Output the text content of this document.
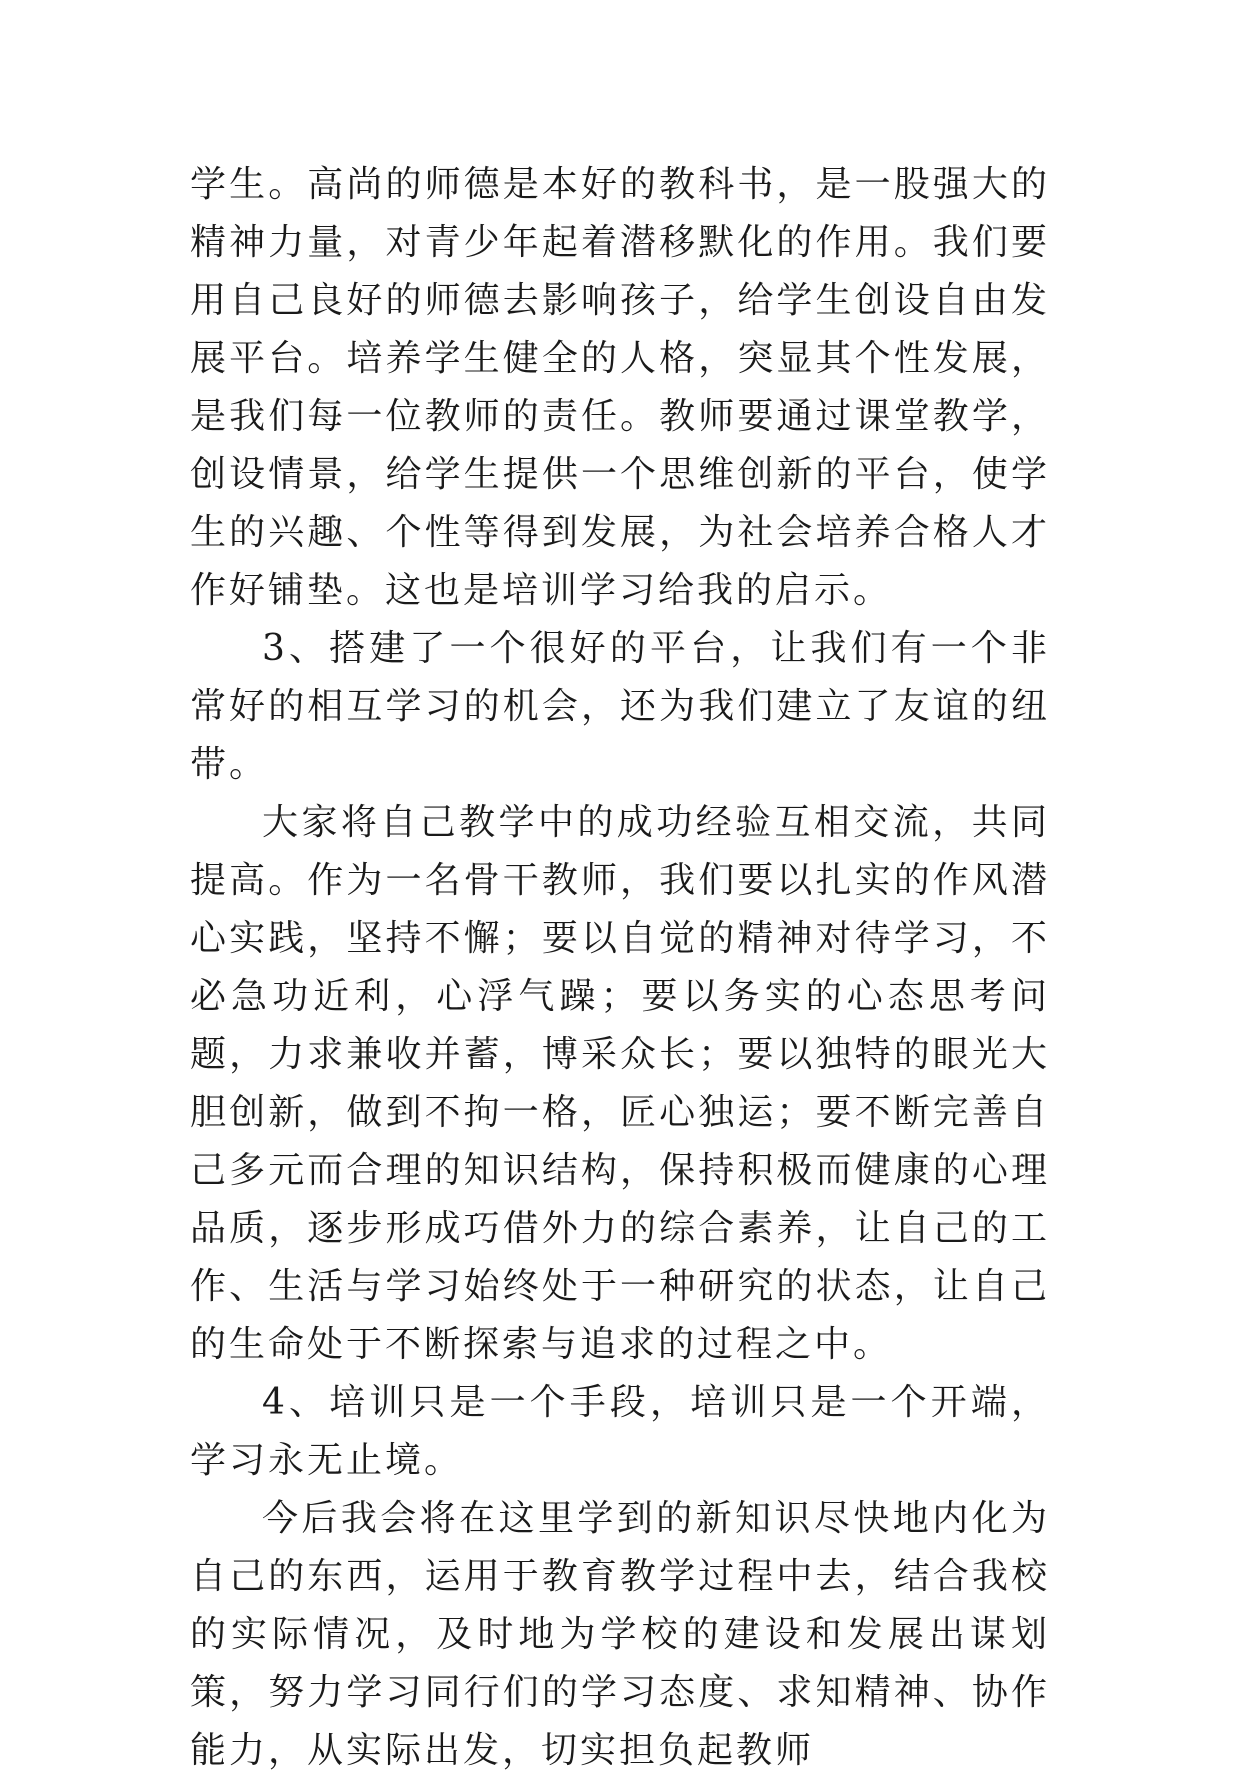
学生。高尚的师德是本好的教科书，是一股强大的精神力量，对青少年起着潜移默化的作用。我们要用自己良好的师德去影响孩子，给学生创设自由发展平台。培养学生健全的人格，突显其个性发展，是我们每一位教师的责任。教师要通过课堂教学，创设情景，给学生提供一个思维创新的平台，使学生的兴趣、个性等得到发展，为社会培养合格人才作好铺垫。这也是培训学习给我的启示。

3、搭建了一个很好的平台，让我们有一个非常好的相互学习的机会，还为我们建立了友谊的纽带。

大家将自己教学中的成功经验互相交流，共同提高。作为一名骨干教师，我们要以扎实的作风潜心实践，坚持不懈；要以自觉的精神对待学习，不必急功近利，心浮气躁；要以务实的心态思考问题，力求兼收并蓄，博采众长；要以独特的眼光大胆创新，做到不拘一格，匠心独运；要不断完善自己多元而合理的知识结构，保持积极而健康的心理品质，逐步形成巧借外力的综合素养，让自己的工作、生活与学习始终处于一种研究的状态，让自己的生命处于不断探索与追求的过程之中。

4、培训只是一个手段，培训只是一个开端，学习永无止境。

今后我会将在这里学到的新知识尽快地内化为自己的东西，运用于教育教学过程中去，结合我校的实际情况，及时地为学校的建设和发展出谋划策，努力学习同行们的学习态度、求知精神、协作能力，从实际出发，切实担负起教师
